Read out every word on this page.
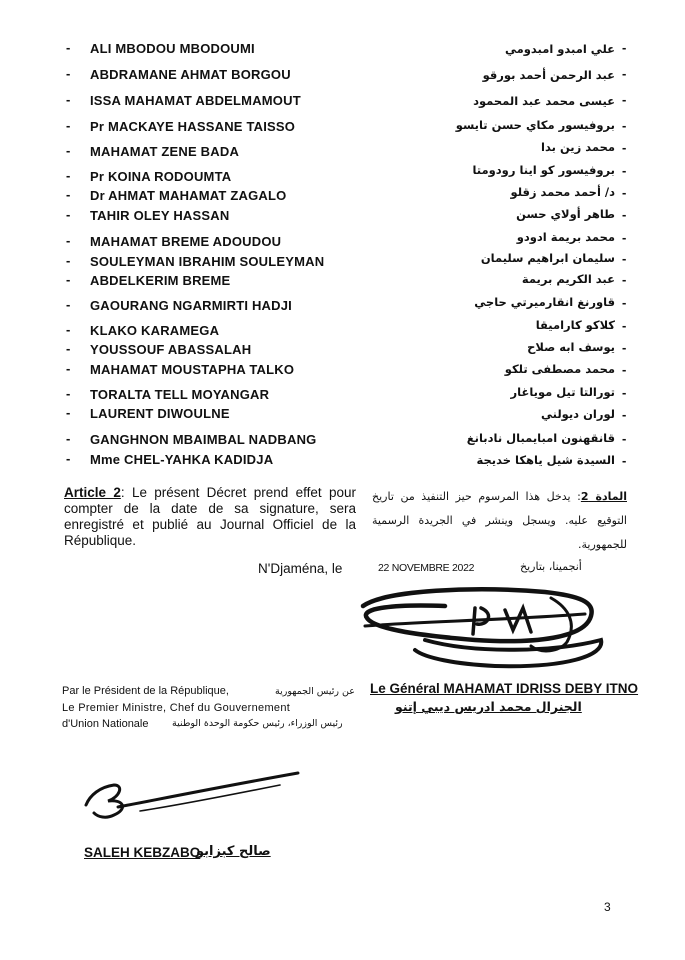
- ALI MBODOU MBODOUMI	علي امبدو امبدومي -
- ABDRAMANE AHMAT BORGOU	عبد الرحمن أحمد بورقو -
- ISSA MAHAMAT ABDELMAMOUT	عيسى محمد عبد المحمود -
- Pr MACKAYE HASSANE TAISSO	بروفيسور مكاي حسن تايسو -
- MAHAMAT ZENE BADA	محمد زين بدا -
- Pr KOINA RODOUMTA	بروفيسور كو اينا رودومتا -
- Dr AHMAT MAHAMAT ZAGALO	د/ أحمد محمد زقلو -
- TAHIR OLEY HASSAN	طاهر أولاي حسن -
- MAHAMAT BREME ADOUDOU	محمد بريمة ادودو -
- SOULEYMAN IBRAHIM SOULEYMAN	سليمان ابراهيم سليمان -
- ABDELKERIM BREME	عبد الكريم بريمة -
- GAOURANG NGARMIRTI HADJI	قاورنغ انقارميرتي حاجي -
- KLAKO KARAMEGA	كلاكو كاراميقا -
- YOUSSOUF ABASSALAH	يوسف ابه صلاح -
- MAHAMAT MOUSTAPHA TALKO	محمد مصطفى تلكو -
- TORALTA TELL MOYANGAR	تورالتا تيل موياغار -
- LAURENT DIWOULNE	لوران ديولني -
- GANGHNON MBAIMBAL NADBANG	قانقهنون امبايمبال نادبانغ -
- Mme CHEL-YAHKA KADIDJA	السيدة شيل ياهكا خديجة -
Article 2: Le présent Décret prend effet pour compter de la date de sa signature, sera enregistré et publié au Journal Officiel de la République.
المادة 2: يدخل هذا المرسوم حيز التنفيذ من تاريخ التوقيع عليه. ويسجل وينشر في الجريدة الرسمية للجمهورية.
N'Djaména, le	22 NOVEMBRE 2022	أنجمينا، بتاريخ
Le Général MAHAMAT IDRISS DEBY ITNO
الجنرال محمد ادريس ديبي إتنو
Par le Président de la République,	عن رئيس الجمهورية
Le Premier Ministre, Chef du Gouvernement
d'Union Nationale رئيس الوزراء، رئيس حكومة الوحدة الوطنية
SALEH KEBZABO
صالح كبزابو
3
